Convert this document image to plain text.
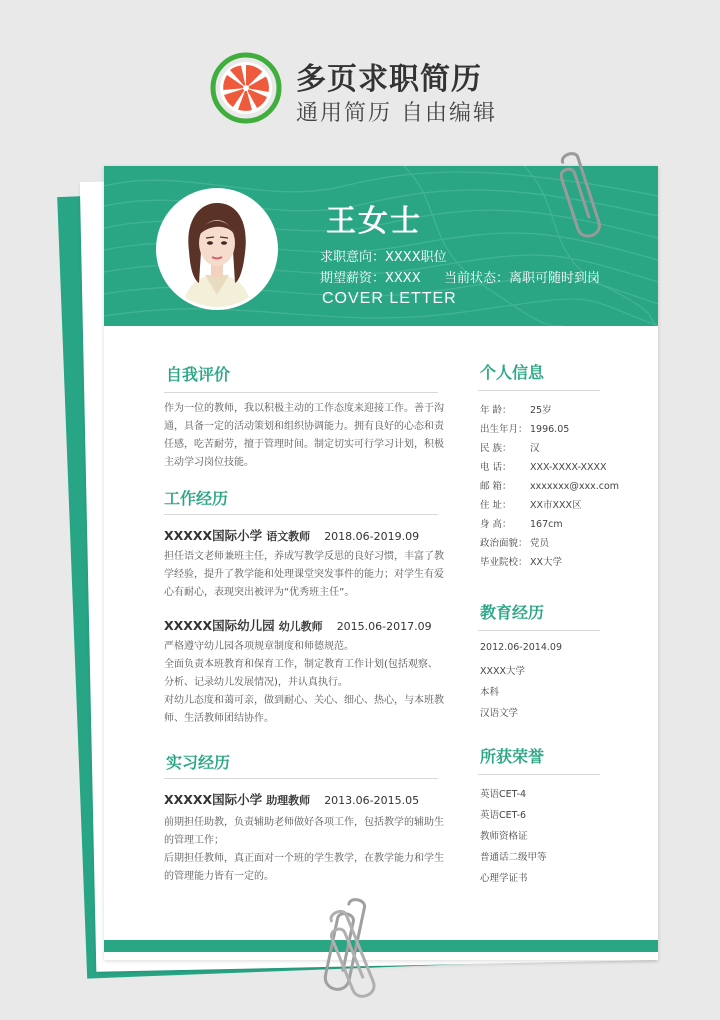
多页求职简历
通用简历 自由编辑
王女士
求职意向：XXXX职位
期望薪资：XXXX 当前状态：离职可随时到岗
COVER LETTER
自我评价
作为一位的教师，我以积极主动的工作态度来迎接工作。善于沟通，具备一定的活动策划和组织协调能力。拥有良好的心态和责任感，吃苦耐劳，擅于管理时间。制定切实可行学习计划，积极主动学习岗位技能。
工作经历
XXXXX国际小学 语文教师 2018.06-2019.09
担任语文老师兼班主任，养成写教学反思的良好习惯，丰富了教学经验，提升了教学能和处理课堂突发事件的能力；对学生有爱心有耐心，表现突出被评为“优秀班主任”。
XXXXX国际幼儿园 幼儿教师 2015.06-2017.09
严格遵守幼儿园各项规章制度和师德规范。
全面负责本班教育和保育工作，制定教育工作计划(包括观察、分析、记录幼儿发展情况)，并认真执行。
对幼儿态度和蔼可亲，做到耐心、关心、细心、热心，与本班教师、生活教师团结协作。
实习经历
XXXXX国际小学 助理教师 2013.06-2015.05
前期担任助教，负责辅助老师做好各项工作，包括教学的辅助生的管理工作；
后期担任教师，真正面对一个班的学生教学，在教学能力和学生的管理能力皆有一定的。
个人信息
年 龄： 25岁
出生年月： 1996.05
民 族： 汉
电 话： XXX-XXXX-XXXX
邮 箱： xxxxxxx@xxx.com
住 址： XX市XXX区
身 高： 167cm
政治面貌： 党员
毕业院校： XX大学
教育经历
2012.06-2014.09
XXXX大学
本科
汉语文学
所获荣誉
英语CET-4
英语CET-6
教师资格证
普通话二级甲等
心理学证书
